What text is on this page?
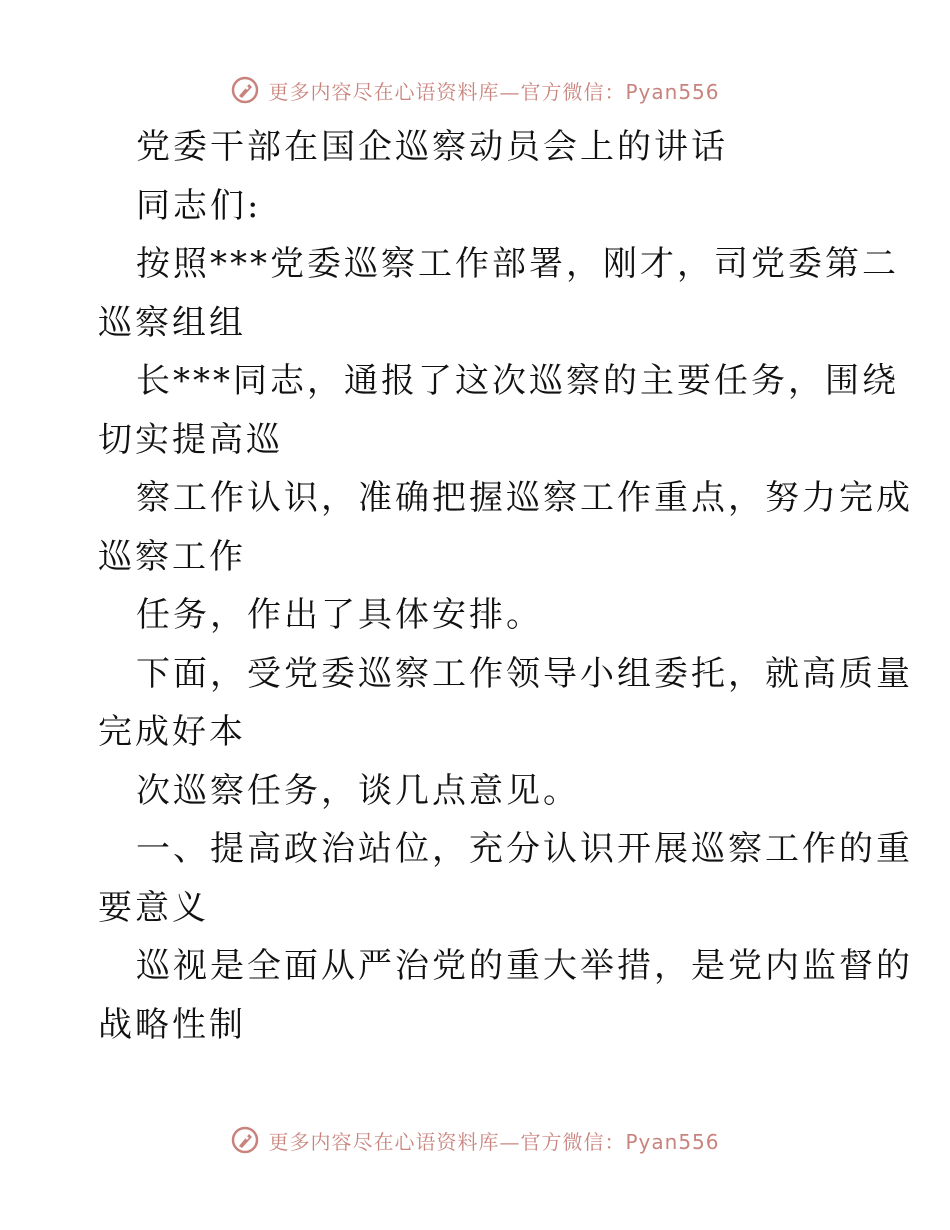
更多内容尽在心语资料库—官方微信：Pyan556
党委干部在国企巡察动员会上的讲话
同志们:
按照***党委巡察工作部署，刚才，司党委第二
巡察组组
长***同志，通报了这次巡察的主要任务，围绕
切实提高巡
察工作认识，准确把握巡察工作重点，努力完成
巡察工作
任务，作出了具体安排。
下面，受党委巡察工作领导小组委托，就高质量
完成好本
次巡察任务，谈几点意见。
一、提高政治站位，充分认识开展巡察工作的重
要意义
巡视是全面从严治党的重大举措，是党内监督的
战略性制
更多内容尽在心语资料库—官方微信：Pyan556
